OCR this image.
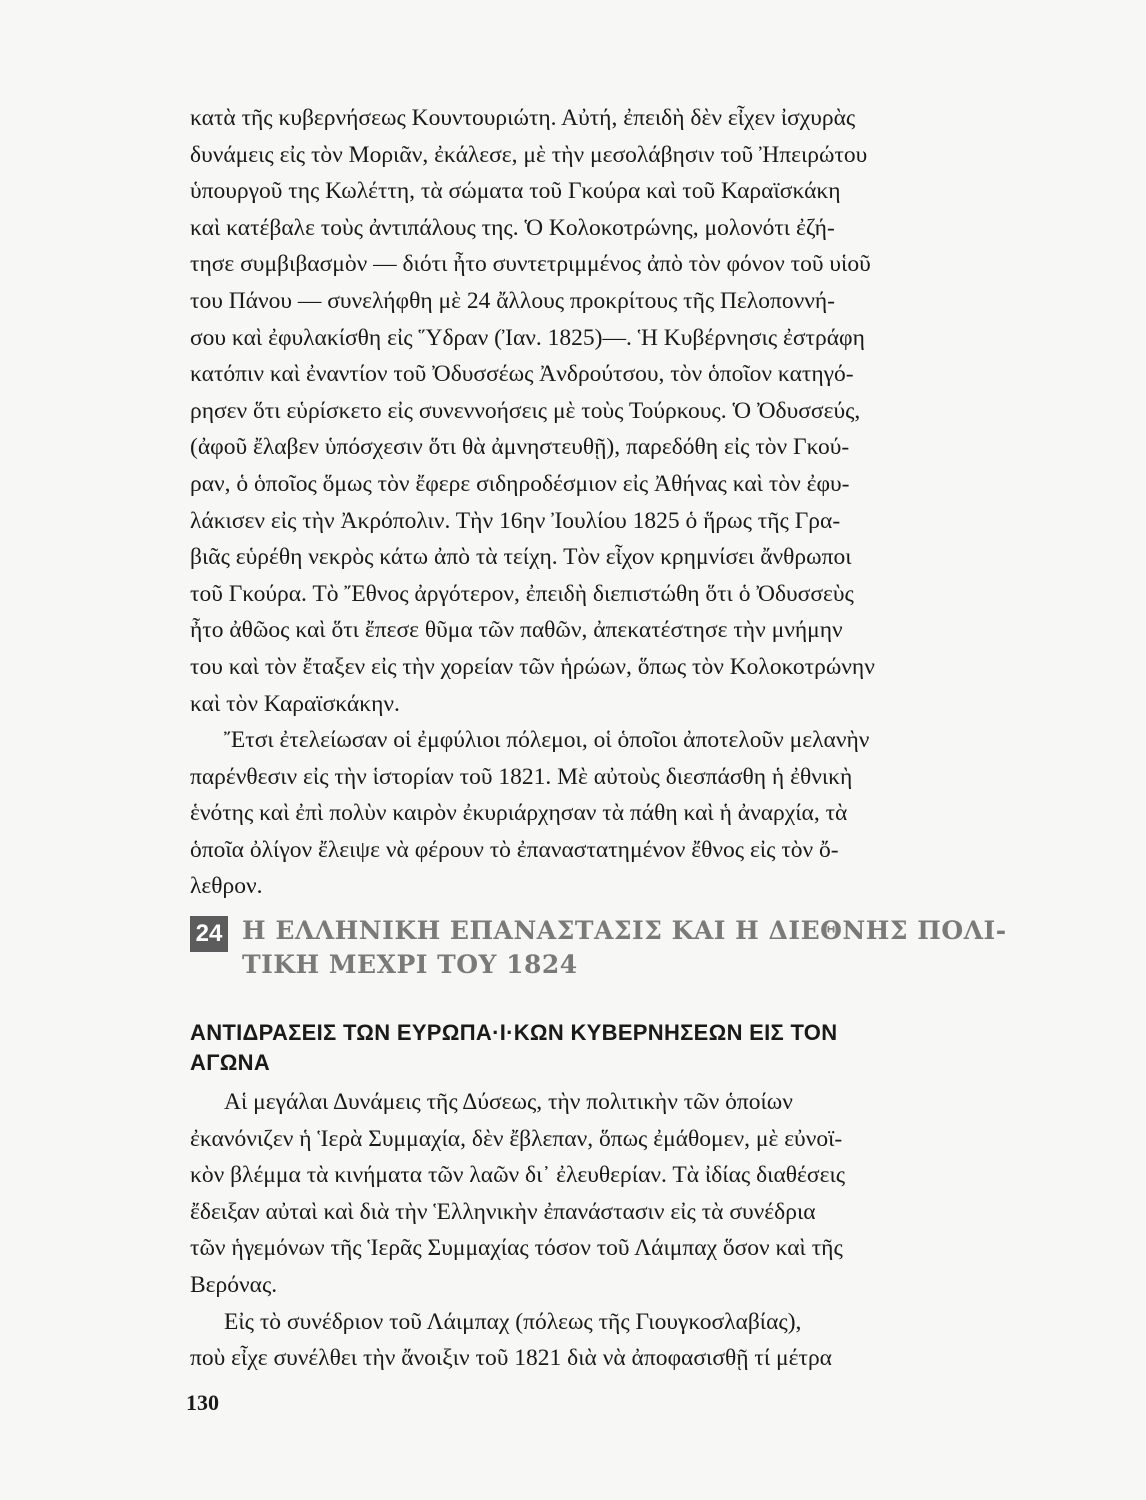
κατὰ τῆς κυβερνήσεως Κουντουριώτη. Αὐτή, ἐπειδὴ δὲν εἶχεν ἰσχυρὰς
δυνάμεις εἰς τὸν Μοριᾶν, ἐκάλεσε, μὲ τὴν μεσολάβησιν τοῦ Ἠπειρώτου
ὑπουργοῦ της Κωλέττη, τὰ σώματα τοῦ Γκούρα καὶ τοῦ Καραϊσκάκη
καὶ κατέβαλε τοὺς ἀντιπάλους της. Ὁ Κολοκοτρώνης, μολονότι ἐζή-
τησε συμβιβασμὸν — διότι ἦτο συντετριμμένος ἀπὸ τὸν φόνον τοῦ υἱοῦ
του Πάνου — συνελήφθη μὲ 24 ἄλλους προκρίτους τῆς Πελοποννή-
σου καὶ ἐφυλακίσθη εἰς Ὕδραν (Ἰαν. 1825)—. Ἡ Κυβέρνησις ἐστράφη
κατόπιν καὶ ἐναντίον τοῦ Ὀδυσσέως Ἀνδρούτσου, τὸν ὁποῖον κατηγό-
ρησεν ὅτι εὑρίσκετο εἰς συνεννοήσεις μὲ τοὺς Τούρκους. Ὁ Ὀδυσσεύς,
(ἀφοῦ ἔλαβεν ὑπόσχεσιν ὅτι θὰ ἀμνηστευθῇ), παρεδόθη εἰς τὸν Γκού-
ραν, ὁ ὁποῖος ὅμως τὸν ἔφερε σιδηροδέσμιον εἰς Ἀθήνας καὶ τὸν ἐφυ-
λάκισεν εἰς τὴν Ἀκρόπολιν. Τὴν 16ην Ἰουλίου 1825 ὁ ἥρως τῆς Γρα-
βιᾶς εὑρέθη νεκρὸς κάτω ἀπὸ τὰ τείχη. Τὸν εἶχον κρημνίσει ἄνθρωποι
τοῦ Γκούρα. Τὸ Ἔθνος ἀργότερον, ἐπειδὴ διεπιστώθη ὅτι ὁ Ὀδυσσεὺς
ἦτο ἀθῶος καὶ ὅτι ἔπεσε θῦμα τῶν παθῶν, ἀπεκατέστησε τὴν μνήμην
του καὶ τὸν ἔταξεν εἰς τὴν χορείαν τῶν ἡρώων, ὅπως τὸν Κολοκοτρώνην
καὶ τὸν Καραϊσκάκην.
Ἔτσι ἐτελείωσαν οἱ ἐμφύλιοι πόλεμοι, οἱ ὁποῖοι ἀποτελοῦν μελανὴν
παρένθεσιν εἰς τὴν ἱστορίαν τοῦ 1821. Μὲ αὐτοὺς διεσπάσθη ἡ ἐθνικὴ
ἑνότης καὶ ἐπὶ πολὺν καιρὸν ἐκυριάρχησαν τὰ πάθη καὶ ἡ ἀναρχία, τὰ
ὁποῖα ὀλίγον ἔλειψε νὰ φέρουν τὸ ἐπαναστατημένον ἔθνος εἰς τὸν ὄ-
λεθρον.
24 Η ΕΛΛΗΝΙΚΗ ΕΠΑΝΑΣΤΑΣΙΣ ΚΑΙ Η ΔΙΕΘΝΗΣ ΠΟΛΙ-
ΤΙΚΗ ΜΕΧΡΙ ΤΟΥ 1824
ΑΝΤΙΔΡΑΣΕΙΣ ΤΩΝ ΕΥΡΩΠΑ·Ι·ΚΩΝ ΚΥΒΕΡΝΗΣΕΩΝ ΕΙΣ ΤΟΝ
ΑΓΩΝΑ
Αἱ μεγάλαι Δυνάμεις τῆς Δύσεως, τὴν πολιτικὴν τῶν ὁποίων
ἐκανόνιζεν ἡ Ἱερὰ Συμμαχία, δὲν ἔβλεπαν, ὅπως ἐμάθομεν, μὲ εὐνοϊ-
κὸν βλέμμα τὰ κινήματα τῶν λαῶν δι᾿ ἐλευθερίαν. Τὰ ἰδίας διαθέσεις
ἔδειξαν αὐταὶ καὶ διὰ τὴν Ἑλληνικὴν ἐπανάστασιν εἰς τὰ συνέδρια
τῶν ἡγεμόνων τῆς Ἱερᾶς Συμμαχίας τόσον τοῦ Λάιμπαχ ὅσον καὶ τῆς
Βερόνας.
Εἰς τὸ συνέδριον τοῦ Λάιμπαχ (πόλεως τῆς Γιουγκοσλαβίας),
ποὺ εἶχε συνέλθει τὴν ἄνοιξιν τοῦ 1821 διὰ νὰ ἀποφασισθῇ τί μέτρα
130
